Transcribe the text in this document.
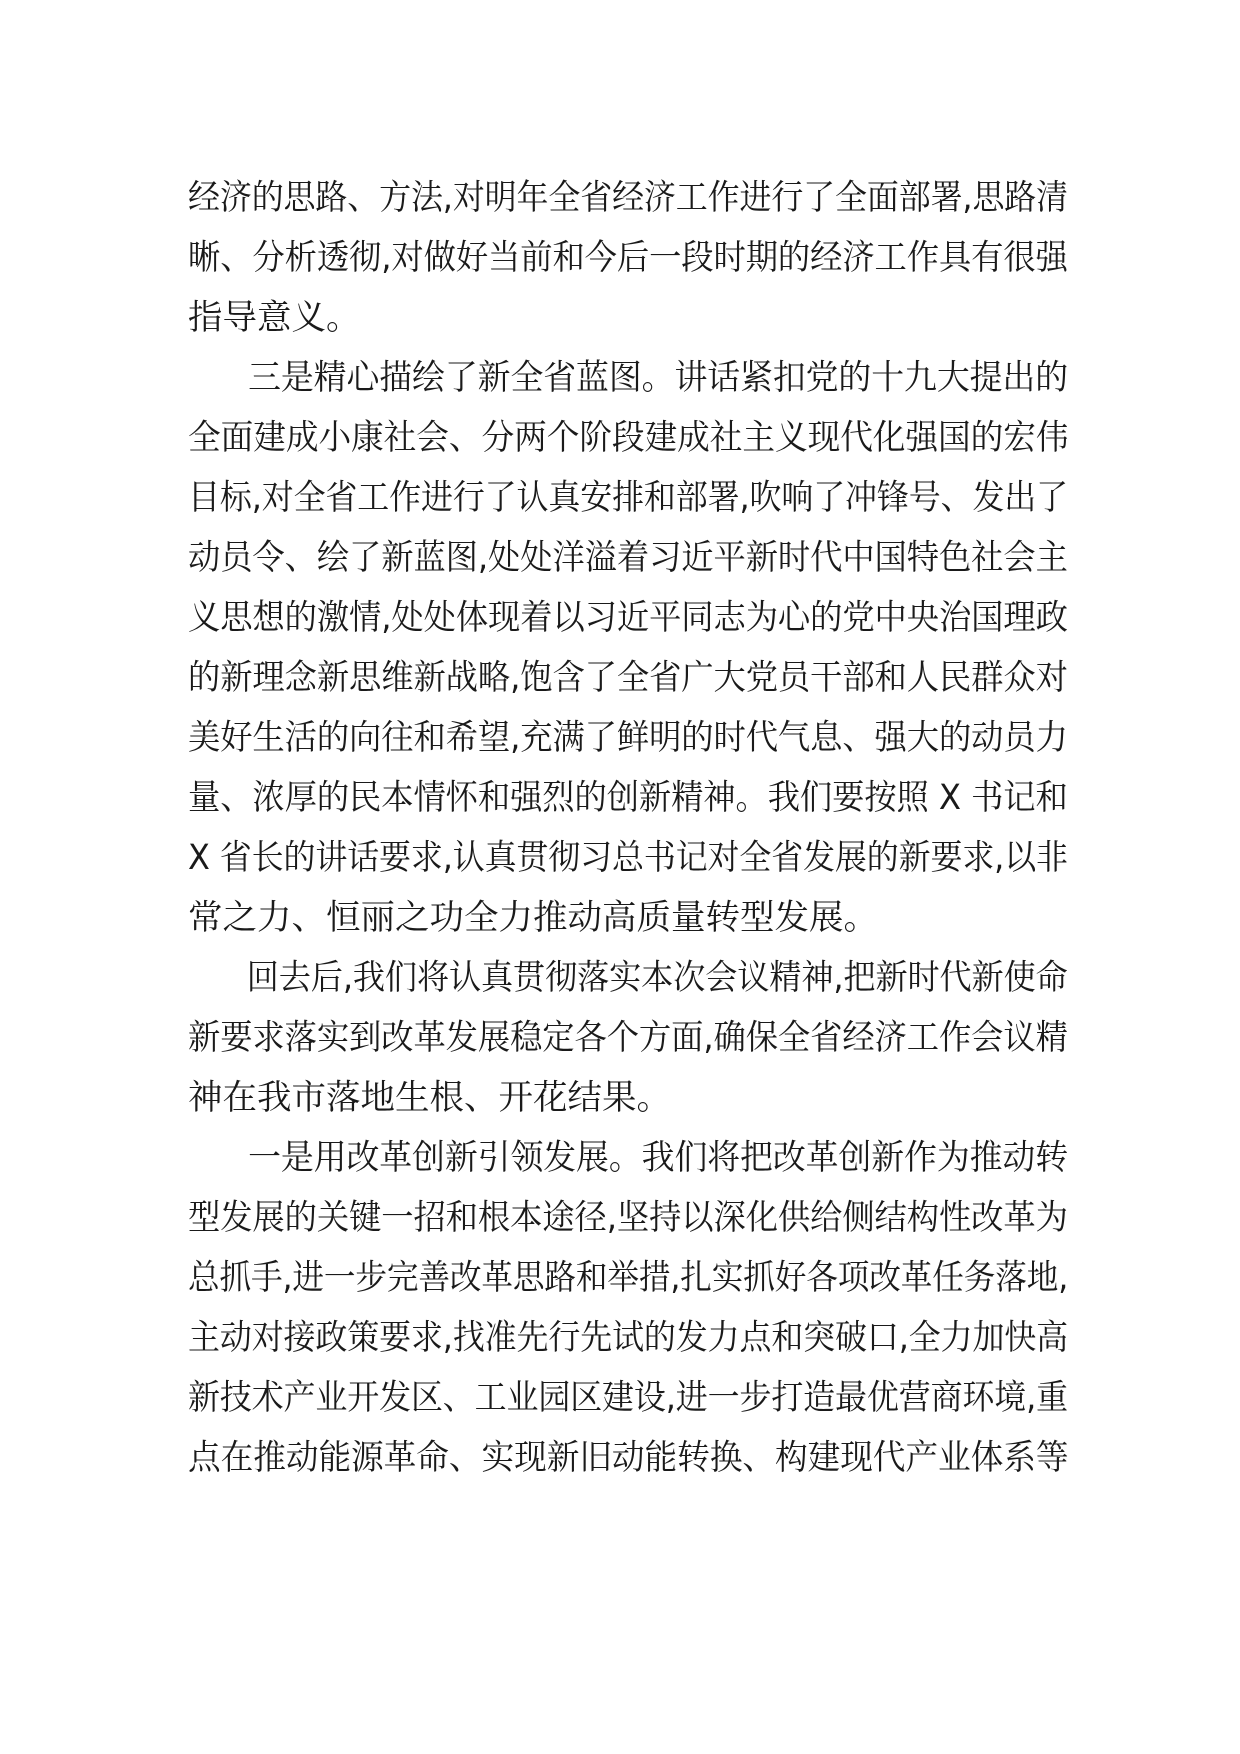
经济的思路、方法,对明年全省经济工作进行了全面部署,思路清
晰、分析透彻,对做好当前和今后一段时期的经济工作具有很强
指导意义。
三是精心描绘了新全省蓝图。讲话紧扣党的十九大提出的
全面建成小康社会、分两个阶段建成社主义现代化强国的宏伟
目标,对全省工作进行了认真安排和部署,吹响了冲锋号、发出了
动员令、绘了新蓝图,处处洋溢着习近平新时代中国特色社会主
义思想的激情,处处体现着以习近平同志为心的党中央治国理政
的新理念新思维新战略,饱含了全省广大党员干部和人民群众对
美好生活的向往和希望,充满了鲜明的时代气息、强大的动员力
量、浓厚的民本情怀和强烈的创新精神。我们要按照 X 书记和
X 省长的讲话要求,认真贯彻习总书记对全省发展的新要求,以非
常之力、恒丽之功全力推动高质量转型发展。
回去后,我们将认真贯彻落实本次会议精神,把新时代新使命
新要求落实到改革发展稳定各个方面,确保全省经济工作会议精
神在我市落地生根、开花结果。
一是用改革创新引领发展。我们将把改革创新作为推动转
型发展的关键一招和根本途径,坚持以深化供给侧结构性改革为
总抓手,进一步完善改革思路和举措,扎实抓好各项改革任务落地,
主动对接政策要求,找准先行先试的发力点和突破口,全力加快高
新技术产业开发区、工业园区建设,进一步打造最优营商环境,重
点在推动能源革命、实现新旧动能转换、构建现代产业体系等
